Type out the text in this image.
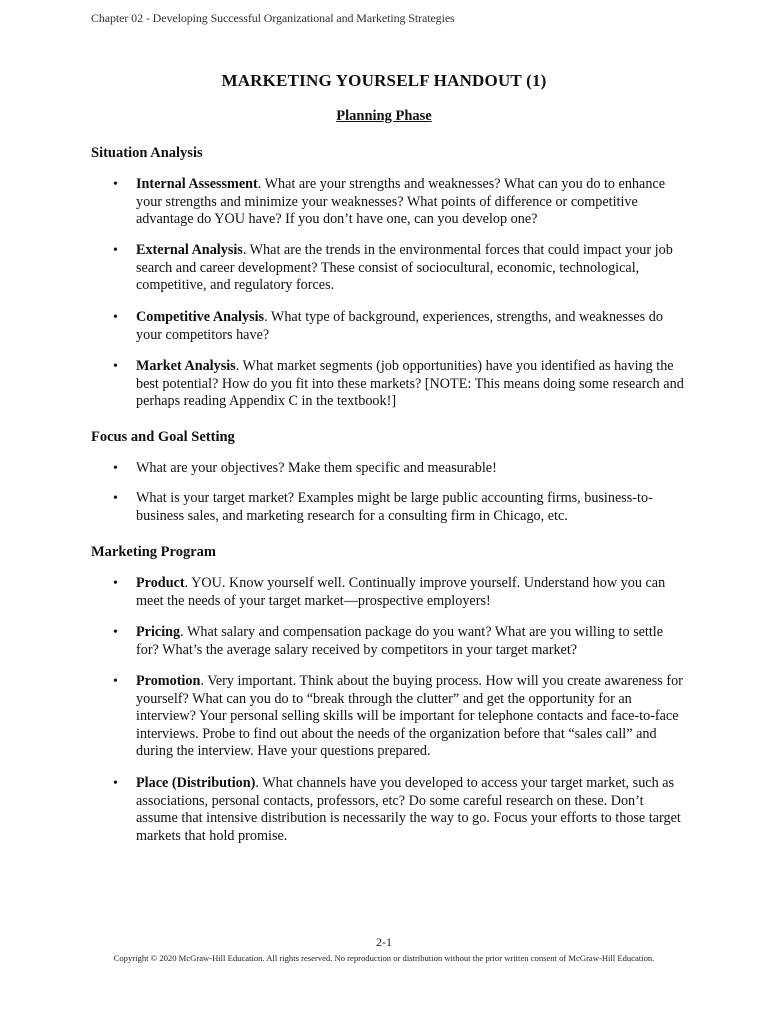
Chapter 02 - Developing Successful Organizational and Marketing Strategies
MARKETING YOURSELF HANDOUT (1)
Planning Phase
Situation Analysis
• Internal Assessment. What are your strengths and weaknesses? What can you do to enhance your strengths and minimize your weaknesses? What points of difference or competitive advantage do YOU have? If you don’t have one, can you develop one?
• External Analysis. What are the trends in the environmental forces that could impact your job search and career development? These consist of sociocultural, economic, technological, competitive, and regulatory forces.
• Competitive Analysis. What type of background, experiences, strengths, and weaknesses do your competitors have?
• Market Analysis. What market segments (job opportunities) have you identified as having the best potential? How do you fit into these markets? [NOTE: This means doing some research and perhaps reading Appendix C in the textbook!]
Focus and Goal Setting
• What are your objectives? Make them specific and measurable!
• What is your target market? Examples might be large public accounting firms, business-to-business sales, and marketing research for a consulting firm in Chicago, etc.
Marketing Program
• Product. YOU. Know yourself well. Continually improve yourself. Understand how you can meet the needs of your target market—prospective employers!
• Pricing. What salary and compensation package do you want? What are you willing to settle for? What’s the average salary received by competitors in your target market?
• Promotion. Very important. Think about the buying process. How will you create awareness for yourself? What can you do to “break through the clutter” and get the opportunity for an interview? Your personal selling skills will be important for telephone contacts and face-to-face interviews. Probe to find out about the needs of the organization before that “sales call” and during the interview. Have your questions prepared.
• Place (Distribution). What channels have you developed to access your target market, such as associations, personal contacts, professors, etc? Do some careful research on these. Don’t assume that intensive distribution is necessarily the way to go. Focus your efforts to those target markets that hold promise.
2-1
Copyright © 2020 McGraw-Hill Education. All rights reserved. No reproduction or distribution without the prior written consent of McGraw-Hill Education.
